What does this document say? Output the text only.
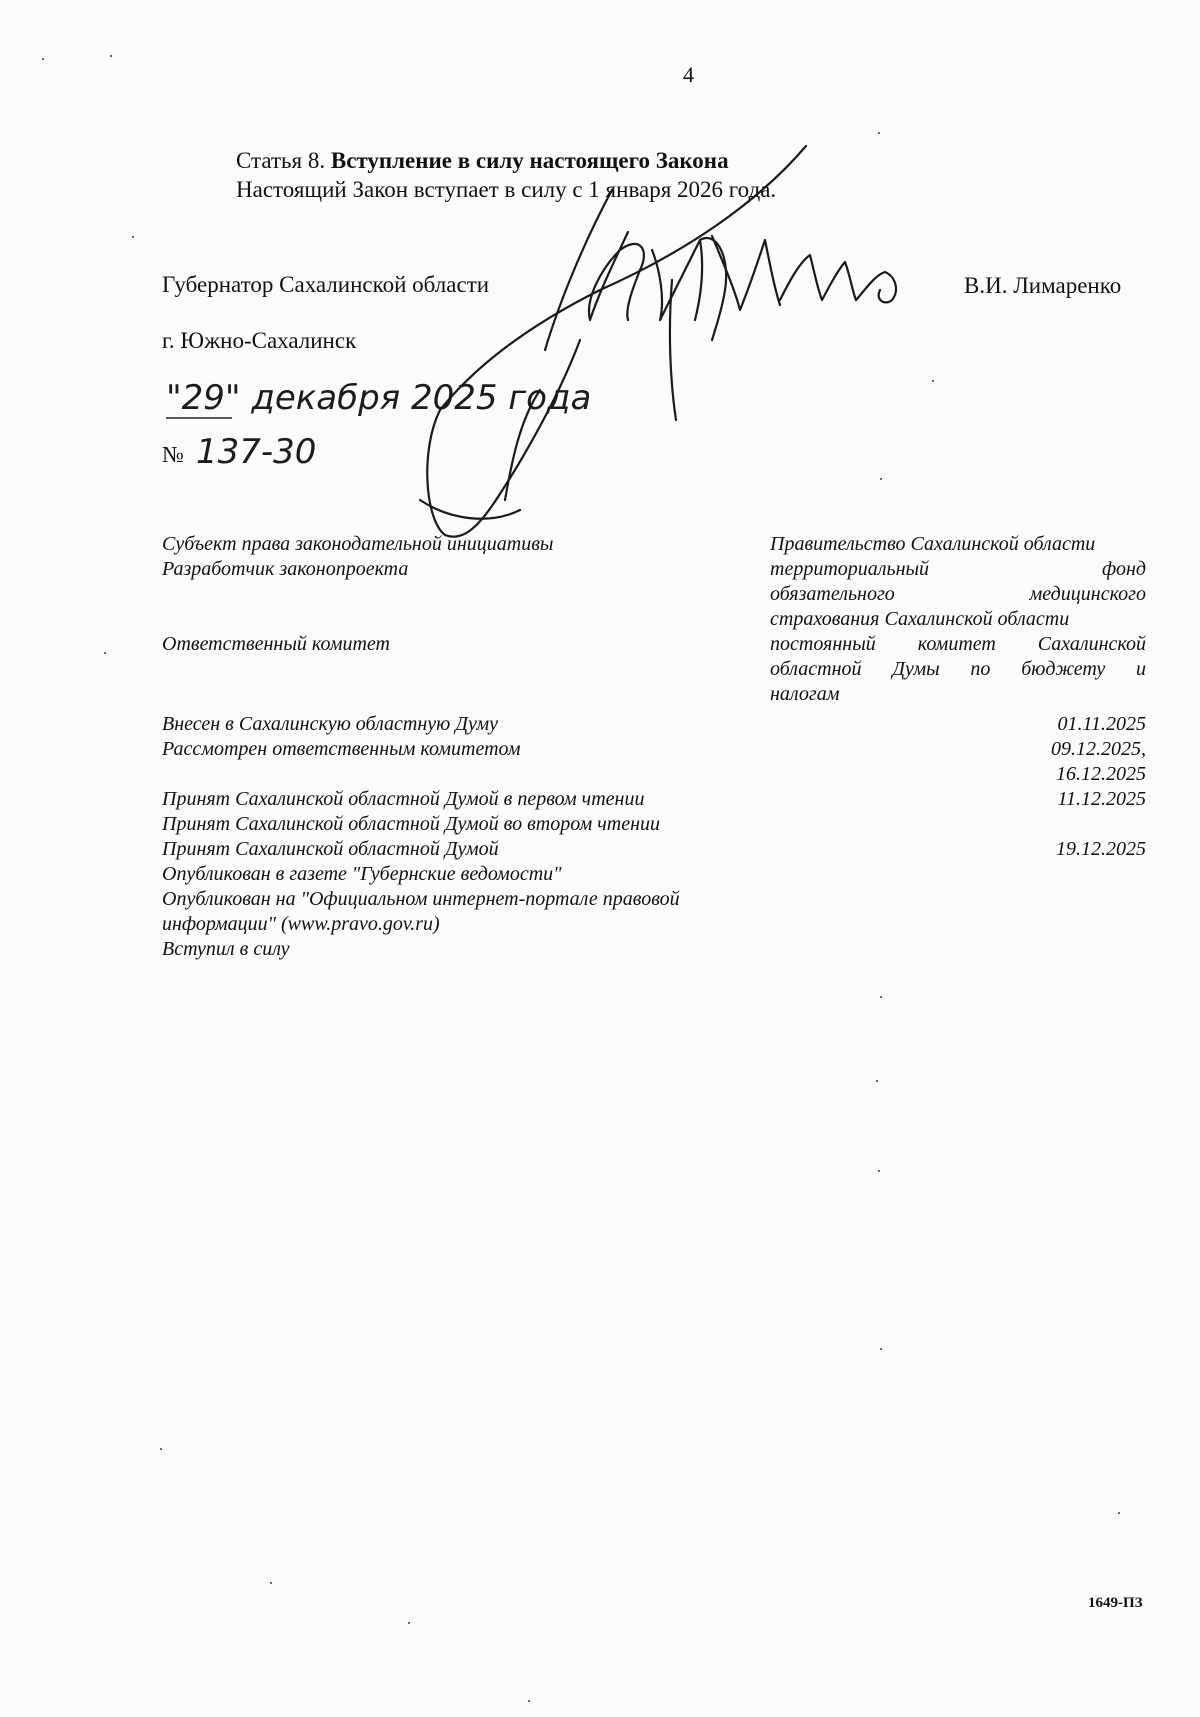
4
Статья 8. Вступление в силу настоящего Закона
Настоящий Закон вступает в силу с 1 января 2026 года.
Губернатор Сахалинской области	В.И. Лимаренко
г. Южно-Сахалинск
"29" декабря 2025 года
№ 137-30
Субъект права законодательной инициативы
Разработчик законопроекта
Ответственный комитет
Правительство Сахалинской области
территориальный фонд
обязательного медицинского
страхования Сахалинской области
постоянный комитет Сахалинской
областной Думы по бюджету и
налогам
Внесен в Сахалинскую областную Думу
Рассмотрен ответственным комитетом
Принят Сахалинской областной Думой в первом чтении
Принят Сахалинской областной Думой во втором чтении
Принят Сахалинской областной Думой
Опубликован в газете "Губернские ведомости"
Опубликован на "Официальном интернет-портале правовой
информации" (www.pravo.gov.ru)
Вступил в силу
01.11.2025
09.12.2025,
16.12.2025
11.12.2025
19.12.2025
1649-ПЗ
